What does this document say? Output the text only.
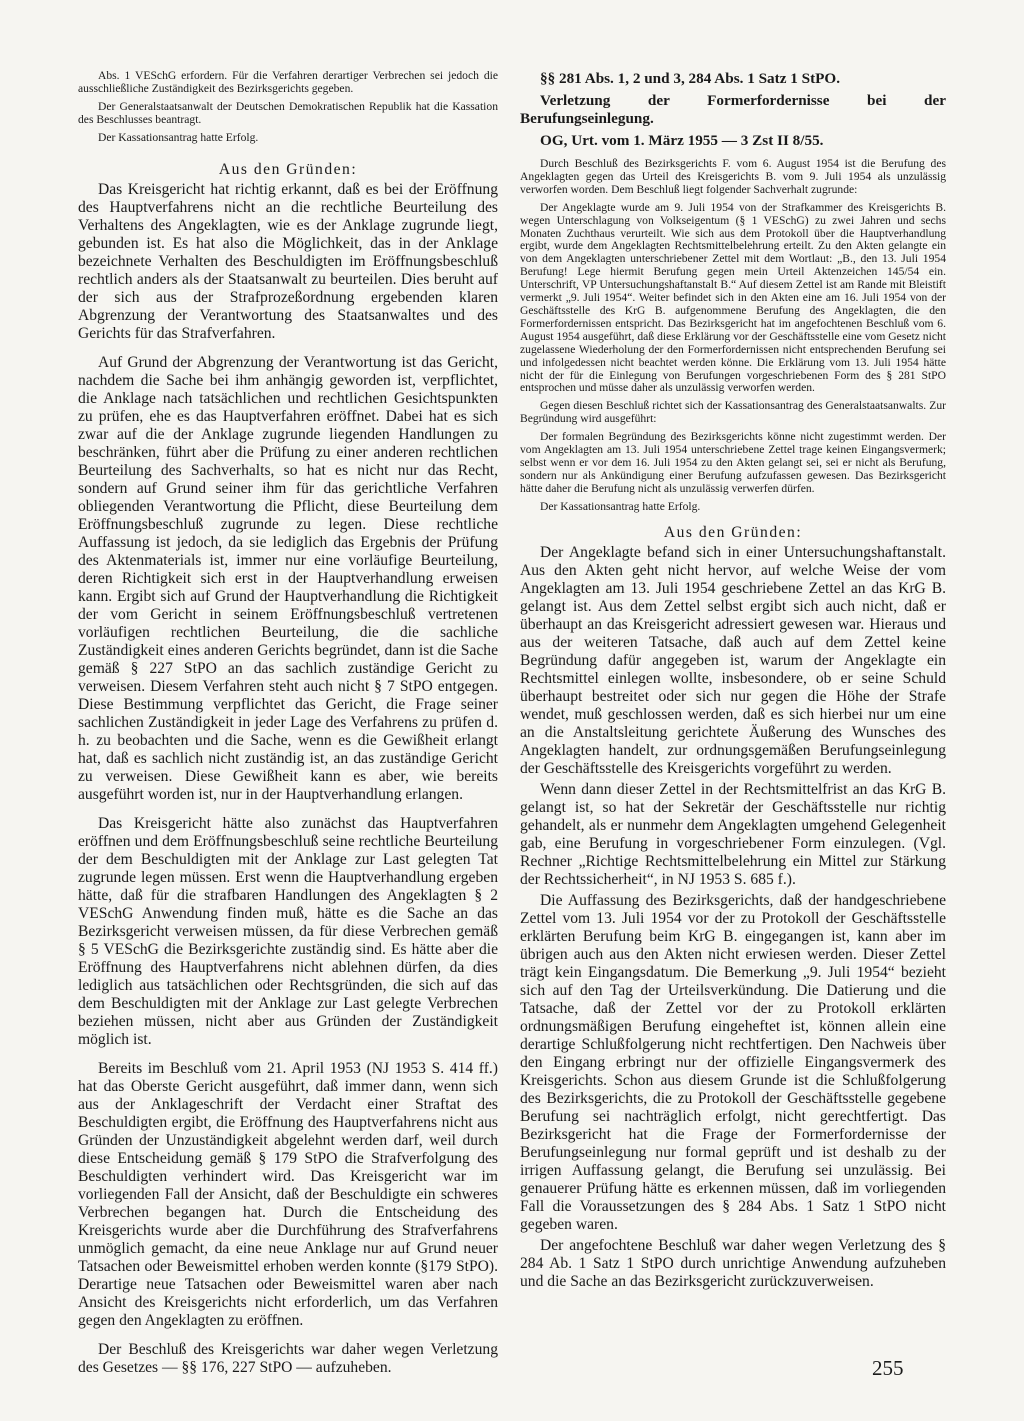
Abs. 1 VESchG erfordern. Für die Verfahren derartiger Verbrechen sei jedoch die ausschließliche Zuständigkeit des Bezirksgerichts gegeben.

Der Generalstaatsanwalt der Deutschen Demokratischen Republik hat die Kassation des Beschlusses beantragt.

Der Kassationsantrag hatte Erfolg.

Aus den Gründen:

Das Kreisgericht hat richtig erkannt, daß es bei der Eröffnung des Hauptverfahrens nicht an die rechtliche Beurteilung des Verhaltens des Angeklagten, wie es der Anklage zugrunde liegt, gebunden ist. Es hat also die Möglichkeit, das in der Anklage bezeichnete Verhalten des Beschuldigten im Eröffnungsbeschluß rechtlich anders als der Staatsanwalt zu beurteilen. Dies beruht auf der sich aus der Strafprozeßordnung ergebenden klaren Abgrenzung der Verantwortung des Staatsanwaltes und des Gerichts für das Strafverfahren.

Auf Grund der Abgrenzung der Verantwortung ist das Gericht, nachdem die Sache bei ihm anhängig geworden ist, verpflichtet, die Anklage nach tatsächlichen und rechtlichen Gesichtspunkten zu prüfen, ehe es das Hauptverfahren eröffnet. Dabei hat es sich zwar auf die der Anklage zugrunde liegenden Handlungen zu beschränken, führt aber die Prüfung zu einer anderen rechtlichen Beurteilung des Sachverhalts, so hat es nicht nur das Recht, sondern auf Grund seiner ihm für das gerichtliche Verfahren obliegenden Verantwortung die Pflicht, diese Beurteilung dem Eröffnungsbeschluß zugrunde zu legen. Diese rechtliche Auffassung ist jedoch, da sie lediglich das Ergebnis der Prüfung des Aktenmaterials ist, immer nur eine vorläufige Beurteilung, deren Richtigkeit sich erst in der Hauptverhandlung erweisen kann. Ergibt sich auf Grund der Hauptverhandlung die Richtigkeit der vom Gericht in seinem Eröffnungsbeschluß vertretenen vorläufigen rechtlichen Beurteilung, die die sachliche Zuständigkeit eines anderen Gerichts begründet, dann ist die Sache gemäß § 227 StPO an das sachlich zuständige Gericht zu verweisen. Diesem Verfahren steht auch nicht § 7 StPO entgegen. Diese Bestimmung verpflichtet das Gericht, die Frage seiner sachlichen Zuständigkeit in jeder Lage des Verfahrens zu prüfen d. h. zu beobachten und die Sache, wenn es die Gewißheit erlangt hat, daß es sachlich nicht zuständig ist, an das zuständige Gericht zu verweisen. Diese Gewißheit kann es aber, wie bereits ausgeführt worden ist, nur in der Hauptverhandlung erlangen.

Das Kreisgericht hätte also zunächst das Hauptverfahren eröffnen und dem Eröffnungsbeschluß seine rechtliche Beurteilung der dem Beschuldigten mit der Anklage zur Last gelegten Tat zugrunde legen müssen. Erst wenn die Hauptverhandlung ergeben hätte, daß für die strafbaren Handlungen des Angeklagten § 2 VESchG Anwendung finden muß, hätte es die Sache an das Bezirksgericht verweisen müssen, da für diese Verbrechen gemäß § 5 VESchG die Bezirksgerichte zuständig sind. Es hätte aber die Eröffnung des Hauptverfahrens nicht ablehnen dürfen, da dies lediglich aus tatsächlichen oder Rechtsgründen, die sich auf das dem Beschuldigten mit der Anklage zur Last gelegte Verbrechen beziehen müssen, nicht aber aus Gründen der Zuständigkeit möglich ist.

Bereits im Beschluß vom 21. April 1953 (NJ 1953 S. 414 ff.) hat das Oberste Gericht ausgeführt, daß immer dann, wenn sich aus der Anklageschrift der Verdacht einer Straftat des Beschuldigten ergibt, die Eröffnung des Hauptverfahrens nicht aus Gründen der Unzuständigkeit abgelehnt werden darf, weil durch diese Entscheidung gemäß § 179 StPO die Strafverfolgung des Beschuldigten verhindert wird. Das Kreisgericht war im vorliegenden Fall der Ansicht, daß der Beschuldigte ein schweres Verbrechen begangen hat. Durch die Entscheidung des Kreisgerichts wurde aber die Durchführung des Strafverfahrens unmöglich gemacht, da eine neue Anklage nur auf Grund neuer Tatsachen oder Beweismittel erhoben werden konnte (§179 StPO). Derartige neue Tatsachen oder Beweismittel waren aber nach Ansicht des Kreisgerichts nicht erforderlich, um das Verfahren gegen den Angeklagten zu eröffnen.

Der Beschluß des Kreisgerichts war daher wegen Verletzung des Gesetzes — §§ 176, 227 StPO — aufzuheben.

§§ 281 Abs. 1, 2 und 3, 284 Abs. 1 Satz 1 StPO.

Verletzung der Formerfordernisse bei der Berufungseinlegung.

OG, Urt. vom 1. März 1955 — 3 Zst II 8/55.

Durch Beschluß des Bezirksgerichts F. vom 6. August 1954 ist die Berufung des Angeklagten gegen das Urteil des Kreisgerichts B. vom 9. Juli 1954 als unzulässig verworfen worden. Dem Beschluß liegt folgender Sachverhalt zugrunde:

Der Angeklagte wurde am 9. Juli 1954 von der Strafkammer des Kreisgerichts B. wegen Unterschlagung von Volkseigentum (§ 1 VESchG) zu zwei Jahren und sechs Monaten Zuchthaus verurteilt. Wie sich aus dem Protokoll über die Hauptverhandlung ergibt, wurde dem Angeklagten Rechtsmittelbelehrung erteilt. Zu den Akten gelangte ein von dem Angeklagten unterschriebener Zettel mit dem Wortlaut: „B., den 13. Juli 1954 Berufung! Lege hiermit Berufung gegen mein Urteil Aktenzeichen 145/54 ein. Unterschrift, VP Untersuchungshaftanstalt B.“ Auf diesem Zettel ist am Rande mit Bleistift vermerkt „9. Juli 1954“. Weiter befindet sich in den Akten eine am 16. Juli 1954 von der Geschäftsstelle des KrG B. aufgenommene Berufung des Angeklagten, die den Formerfordernissen entspricht. Das Bezirksgericht hat im angefochtenen Beschluß vom 6. August 1954 ausgeführt, daß diese Erklärung vor der Geschäftsstelle eine vom Gesetz nicht zugelassene Wiederholung der den Formerfordernissen nicht entsprechenden Berufung sei und infolgedessen nicht beachtet werden könne. Die Erklärung vom 13. Juli 1954 hätte nicht der für die Einlegung von Berufungen vorgeschriebenen Form des § 281 StPO entsprochen und müsse daher als unzulässig verworfen werden.

Gegen diesen Beschluß richtet sich der Kassationsantrag des Generalstaatsanwalts. Zur Begründung wird ausgeführt:

Der formalen Begründung des Bezirksgerichts könne nicht zugestimmt werden. Der vom Angeklagten am 13. Juli 1954 unterschriebene Zettel trage keinen Eingangsvermerk; selbst wenn er vor dem 16. Juli 1954 zu den Akten gelangt sei, sei er nicht als Berufung, sondern nur als Ankündigung einer Berufung aufzufassen gewesen. Das Bezirksgericht hätte daher die Berufung nicht als unzulässig verwerfen dürfen.

Der Kassationsantrag hatte Erfolg.

Aus den Gründen:

Der Angeklagte befand sich in einer Untersuchungshaftanstalt. Aus den Akten geht nicht hervor, auf welche Weise der vom Angeklagten am 13. Juli 1954 geschriebene Zettel an das KrG B. gelangt ist. Aus dem Zettel selbst ergibt sich auch nicht, daß er überhaupt an das Kreisgericht adressiert gewesen war. Hieraus und aus der weiteren Tatsache, daß auch auf dem Zettel keine Begründung dafür angegeben ist, warum der Angeklagte ein Rechtsmittel einlegen wollte, insbesondere, ob er seine Schuld überhaupt bestreitet oder sich nur gegen die Höhe der Strafe wendet, muß geschlossen werden, daß es sich hierbei nur um eine an die Anstaltsleitung gerichtete Äußerung des Wunsches des Angeklagten handelt, zur ordnungsgemäßen Berufungseinlegung der Geschäftsstelle des Kreisgerichts vorgeführt zu werden.

Wenn dann dieser Zettel in der Rechtsmittelfrist an das KrG B. gelangt ist, so hat der Sekretär der Geschäftsstelle nur richtig gehandelt, als er nunmehr dem Angeklagten umgehend Gelegenheit gab, eine Berufung in vorgeschriebener Form einzulegen. (Vgl. Rechner „Richtige Rechtsmittelbelehrung ein Mittel zur Stärkung der Rechtssicherheit“, in NJ 1953 S. 685 f.).

Die Auffassung des Bezirksgerichts, daß der handgeschriebene Zettel vom 13. Juli 1954 vor der zu Protokoll der Geschäftsstelle erklärten Berufung beim KrG B. eingegangen ist, kann aber im übrigen auch aus den Akten nicht erwiesen werden. Dieser Zettel trägt kein Eingangsdatum. Die Bemerkung „9. Juli 1954“ bezieht sich auf den Tag der Urteilsverkündung. Die Datierung und die Tatsache, daß der Zettel vor der zu Protokoll erklärten ordnungsmäßigen Berufung eingeheftet ist, können allein eine derartige Schlußfolgerung nicht rechtfertigen. Den Nachweis über den Eingang erbringt nur der offizielle Eingangsvermerk des Kreisgerichts. Schon aus diesem Grunde ist die Schlußfolgerung des Bezirksgerichts, die zu Protokoll der Geschäftsstelle gegebene Berufung sei nachträglich erfolgt, nicht gerechtfertigt. Das Bezirksgericht hat die Frage der Formerfordernisse der Berufungseinlegung nur formal geprüft und ist deshalb zu der irrigen Auffassung gelangt, die Berufung sei unzulässig. Bei genauerer Prüfung hätte es erkennen müssen, daß im vorliegenden Fall die Voraussetzungen des § 284 Abs. 1 Satz 1 StPO nicht gegeben waren.

Der angefochtene Beschluß war daher wegen Verletzung des § 284 Ab. 1 Satz 1 StPO durch unrichtige Anwendung aufzuheben und die Sache an das Bezirksgericht zurückzuverweisen.

255
